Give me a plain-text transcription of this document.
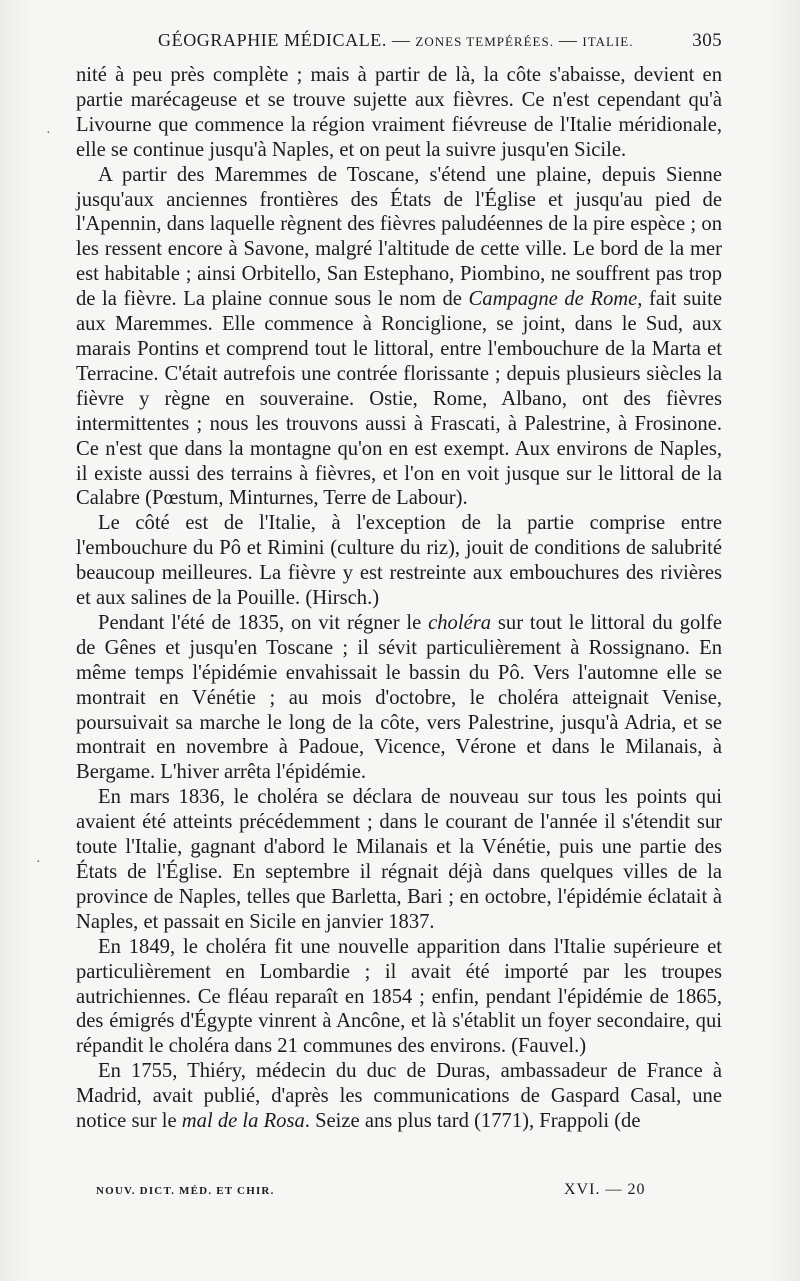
GÉOGRAPHIE MÉDICALE. — ZONES TEMPÉRÉES. — ITALIE.	305

nité à peu près complète ; mais à partir de là, la côte s'abaisse, devient en partie marécageuse et se trouve sujette aux fièvres. Ce n'est cependant qu'à Livourne que commence la région vraiment fiévreuse de l'Italie méridionale, elle se continue jusqu'à Naples, et on peut la suivre jusqu'en Sicile.

A partir des Maremmes de Toscane, s'étend une plaine, depuis Sienne jusqu'aux anciennes frontières des États de l'Église et jusqu'au pied de l'Apennin, dans laquelle règnent des fièvres paludéennes de la pire espèce ; on les ressent encore à Savone, malgré l'altitude de cette ville. Le bord de la mer est habitable ; ainsi Orbitello, San Estephano, Piombino, ne souffrent pas trop de la fièvre. La plaine connue sous le nom de Campagne de Rome, fait suite aux Maremmes. Elle commence à Ronciglione, se joint, dans le Sud, aux marais Pontins et comprend tout le littoral, entre l'embouchure de la Marta et Terracine. C'était autrefois une contrée florissante ; depuis plusieurs siècles la fièvre y règne en souveraine. Ostie, Rome, Albano, ont des fièvres intermittentes ; nous les trouvons aussi à Frascati, à Palestrine, à Frosinone. Ce n'est que dans la montagne qu'on en est exempt. Aux environs de Naples, il existe aussi des terrains à fièvres, et l'on en voit jusque sur le littoral de la Calabre (Pœstum, Minturnes, Terre de Labour).

Le côté est de l'Italie, à l'exception de la partie comprise entre l'embouchure du Pô et Rimini (culture du riz), jouit de conditions de salubrité beaucoup meilleures. La fièvre y est restreinte aux embouchures des rivières et aux salines de la Pouille. (Hirsch.)

Pendant l'été de 1835, on vit régner le choléra sur tout le littoral du golfe de Gênes et jusqu'en Toscane ; il sévit particulièrement à Rossignano. En même temps l'épidémie envahissait le bassin du Pô. Vers l'automne elle se montrait en Vénétie ; au mois d'octobre, le choléra atteignait Venise, poursuivait sa marche le long de la côte, vers Palestrine, jusqu'à Adria, et se montrait en novembre à Padoue, Vicence, Vérone et dans le Milanais, à Bergame. L'hiver arrêta l'épidémie.

En mars 1836, le choléra se déclara de nouveau sur tous les points qui avaient été atteints précédemment ; dans le courant de l'année il s'étendit sur toute l'Italie, gagnant d'abord le Milanais et la Vénétie, puis une partie des États de l'Église. En septembre il régnait déjà dans quelques villes de la province de Naples, telles que Barletta, Bari ; en octobre, l'épidémie éclatait à Naples, et passait en Sicile en janvier 1837.

En 1849, le choléra fit une nouvelle apparition dans l'Italie supérieure et particulièrement en Lombardie ; il avait été importé par les troupes autrichiennes. Ce fléau reparaît en 1854 ; enfin, pendant l'épidémie de 1865, des émigrés d'Égypte vinrent à Ancône, et là s'établit un foyer secondaire, qui répandit le choléra dans 21 communes des environs. (Fauvel.)

En 1755, Thiéry, médecin du duc de Duras, ambassadeur de France à Madrid, avait publié, d'après les communications de Gaspard Casal, une notice sur le mal de la Rosa. Seize ans plus tard (1771), Frappoli (de

·
·
NOUV. DICT. MÉD. ET CHIR.	XVI. — 20
